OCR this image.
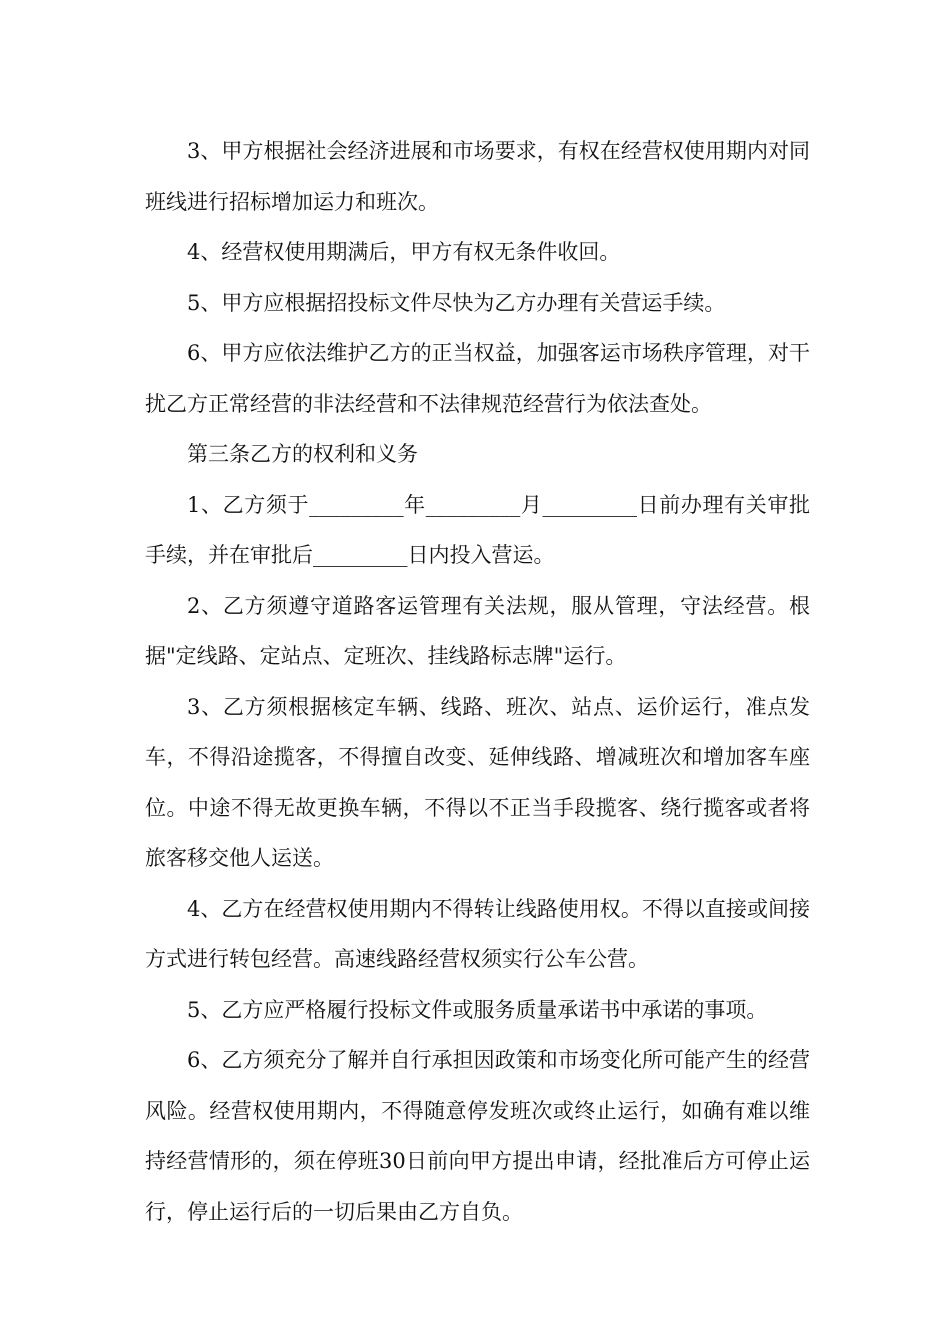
3、甲方根据社会经济进展和市场要求，有权在经营权使用期内对同班线进行招标增加运力和班次。

4、经营权使用期满后，甲方有权无条件收回。

5、甲方应根据招投标文件尽快为乙方办理有关营运手续。

6、甲方应依法维护乙方的正当权益，加强客运市场秩序管理，对干扰乙方正常经营的非法经营和不法律规范经营行为依法查处。

第三条乙方的权利和义务

1、乙方须于_________年_________月_________日前办理有关审批手续，并在审批后_________日内投入营运。

2、乙方须遵守道路客运管理有关法规，服从管理，守法经营。根据"定线路、定站点、定班次、挂线路标志牌"运行。

3、乙方须根据核定车辆、线路、班次、站点、运价运行，准点发车，不得沿途揽客，不得擅自改变、延伸线路、增减班次和增加客车座位。中途不得无故更换车辆，不得以不正当手段揽客、绕行揽客或者将旅客移交他人运送。

4、乙方在经营权使用期内不得转让线路使用权。不得以直接或间接方式进行转包经营。高速线路经营权须实行公车公营。

5、乙方应严格履行投标文件或服务质量承诺书中承诺的事项。

6、乙方须充分了解并自行承担因政策和市场变化所可能产生的经营风险。经营权使用期内，不得随意停发班次或终止运行，如确有难以维持经营情形的，须在停班30日前向甲方提出申请，经批准后方可停止运行，停止运行后的一切后果由乙方自负。
